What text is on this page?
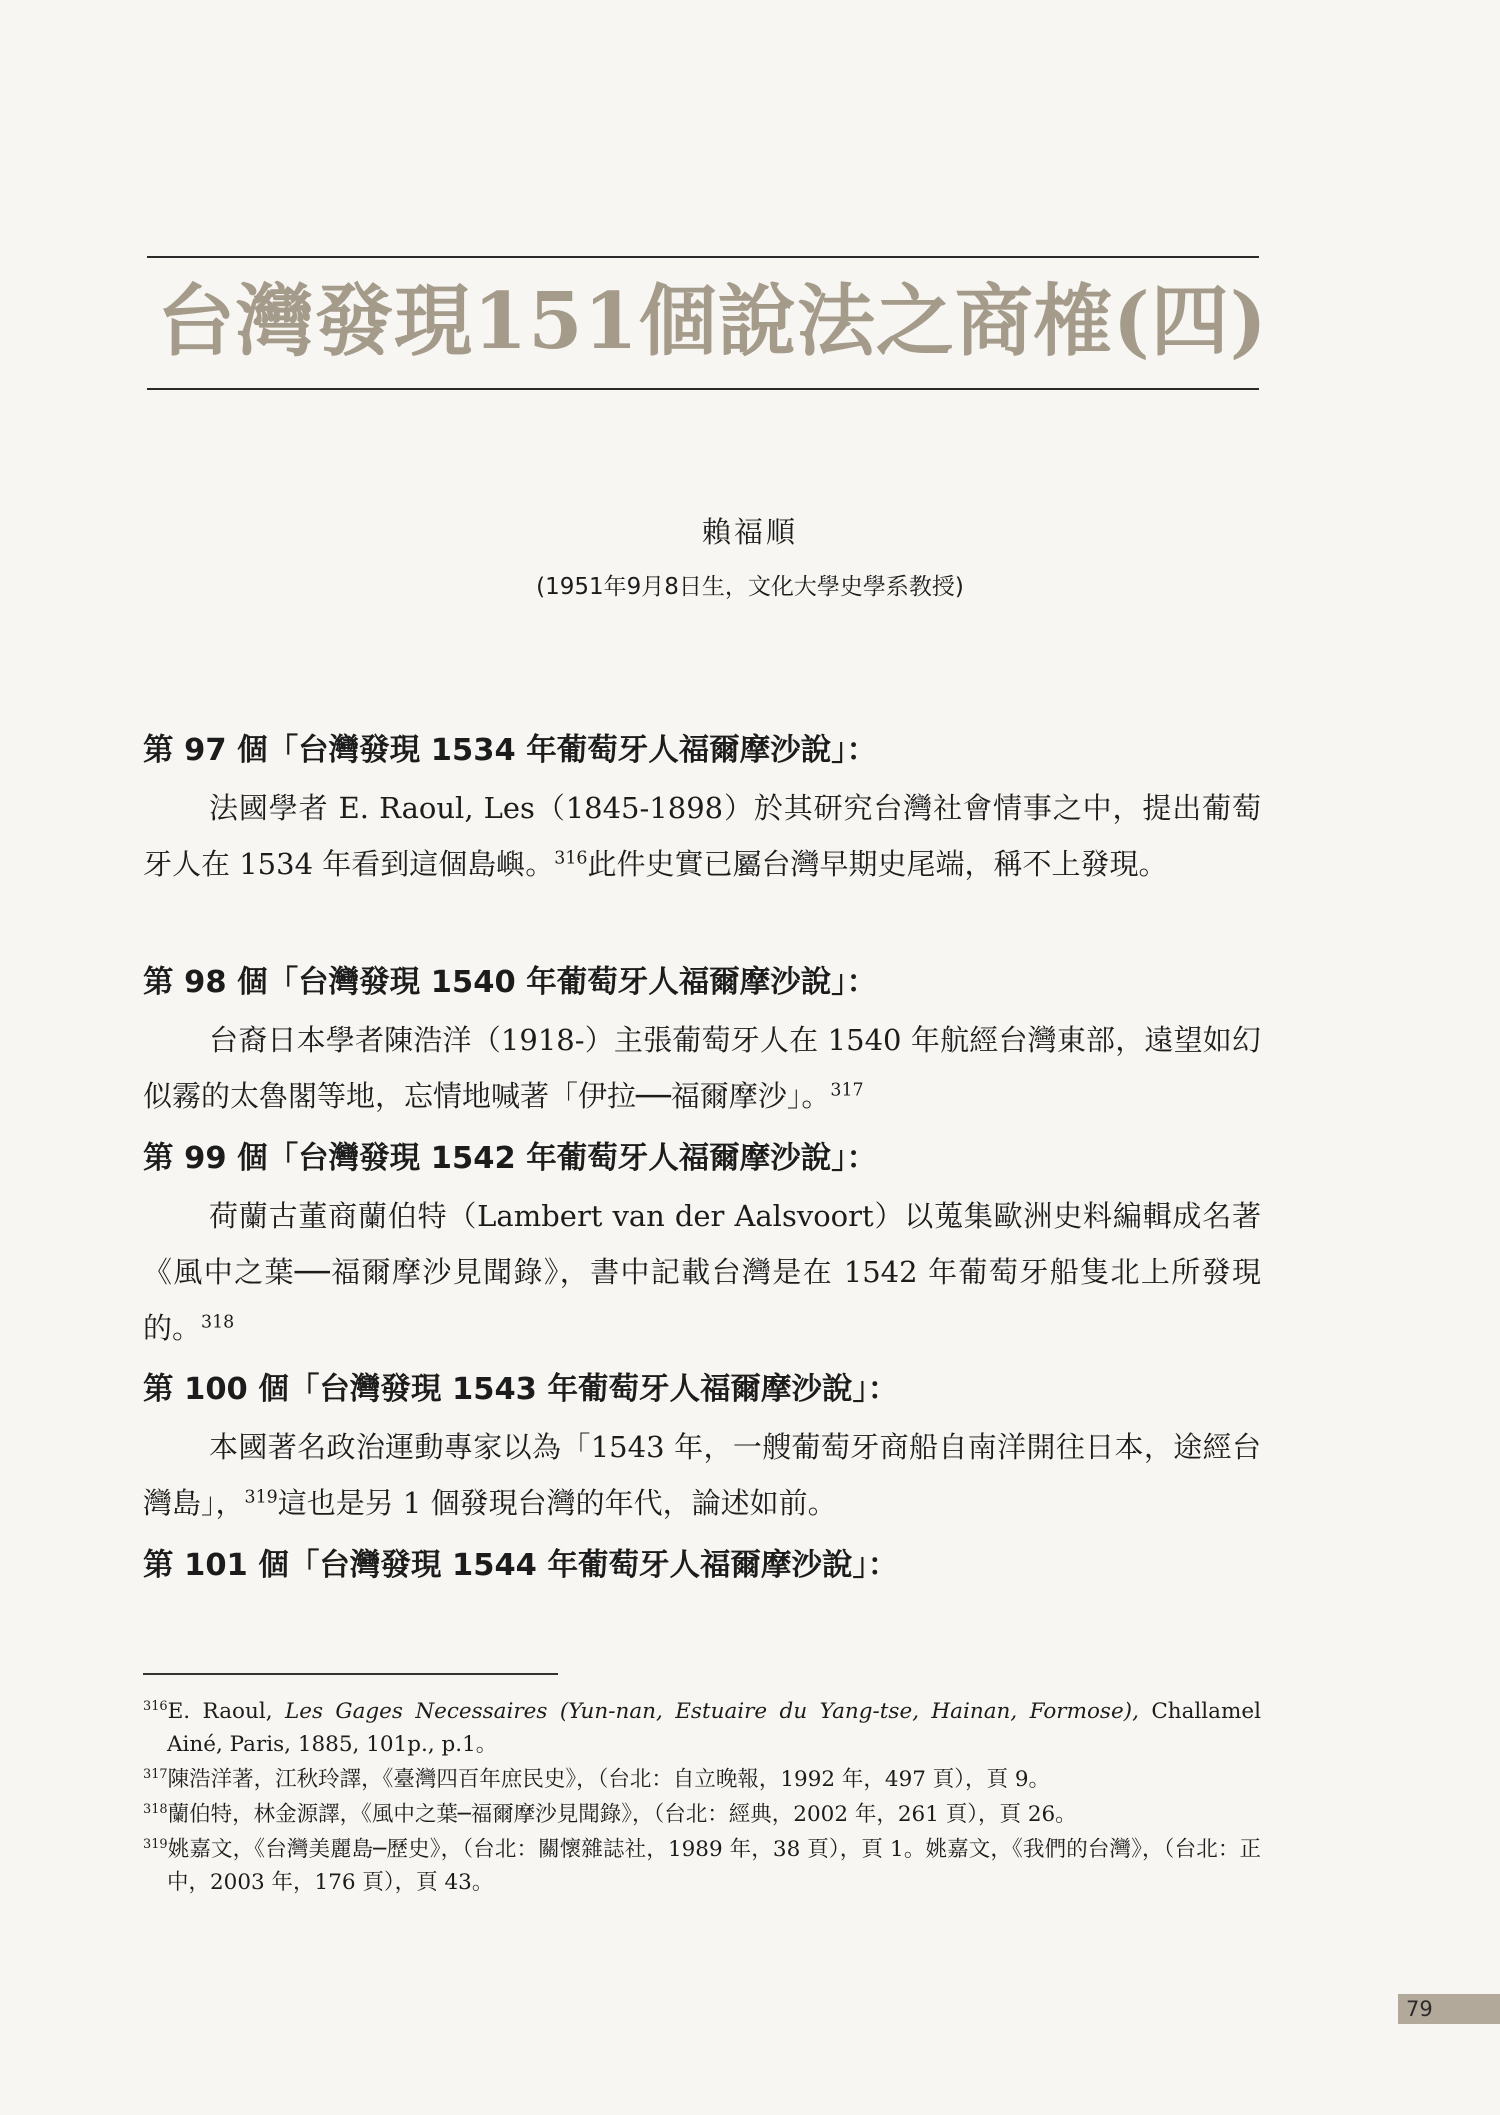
台灣發現151個說法之商榷(四)
賴福順
(1951年9月8日生，文化大學史學系教授)
第 97 個「台灣發現 1534 年葡萄牙人福爾摩沙說」：
法國學者 E. Raoul, Les（1845-1898）於其研究台灣社會情事之中，提出葡萄牙人在 1534 年看到這個島嶼。$^{316}$此件史實已屬台灣早期史尾端，稱不上發現。
第 98 個「台灣發現 1540 年葡萄牙人福爾摩沙說」：
台裔日本學者陳浩洋（1918-）主張葡萄牙人在 1540 年航經台灣東部，遠望如幻似霧的太魯閣等地，忘情地喊著「伊拉──福爾摩沙」。$^{317}$
第 99 個「台灣發現 1542 年葡萄牙人福爾摩沙說」：
荷蘭古董商蘭伯特（Lambert van der Aalsvoort）以蒐集歐洲史料編輯成名著《風中之葉──福爾摩沙見聞錄》，書中記載台灣是在 1542 年葡萄牙船隻北上所發現的。$^{318}$
第 100 個「台灣發現 1543 年葡萄牙人福爾摩沙說」：
本國著名政治運動專家以為「1543 年，一艘葡萄牙商船自南洋開往日本，途經台灣島」，$^{319}$這也是另 1 個發現台灣的年代，論述如前。
第 101 個「台灣發現 1544 年葡萄牙人福爾摩沙說」：
$^{316}$E. Raoul, Les Gages Necessaires (Yun-nan, Estuaire du Yang-tse, Hainan, Formose), Challamel Ainé, Paris, 1885, 101p., p.1。
$^{317}$陳浩洋著，江秋玲譯，《臺灣四百年庶民史》，（台北：自立晚報，1992 年，497 頁），頁 9。
$^{318}$蘭伯特，林金源譯，《風中之葉─福爾摩沙見聞錄》，（台北：經典，2002 年，261 頁），頁 26。
$^{319}$姚嘉文，《台灣美麗島─歷史》，（台北：關懷雜誌社，1989 年，38 頁），頁 1。姚嘉文，《我們的台灣》，（台北：正中，2003 年，176 頁），頁 43。
79
